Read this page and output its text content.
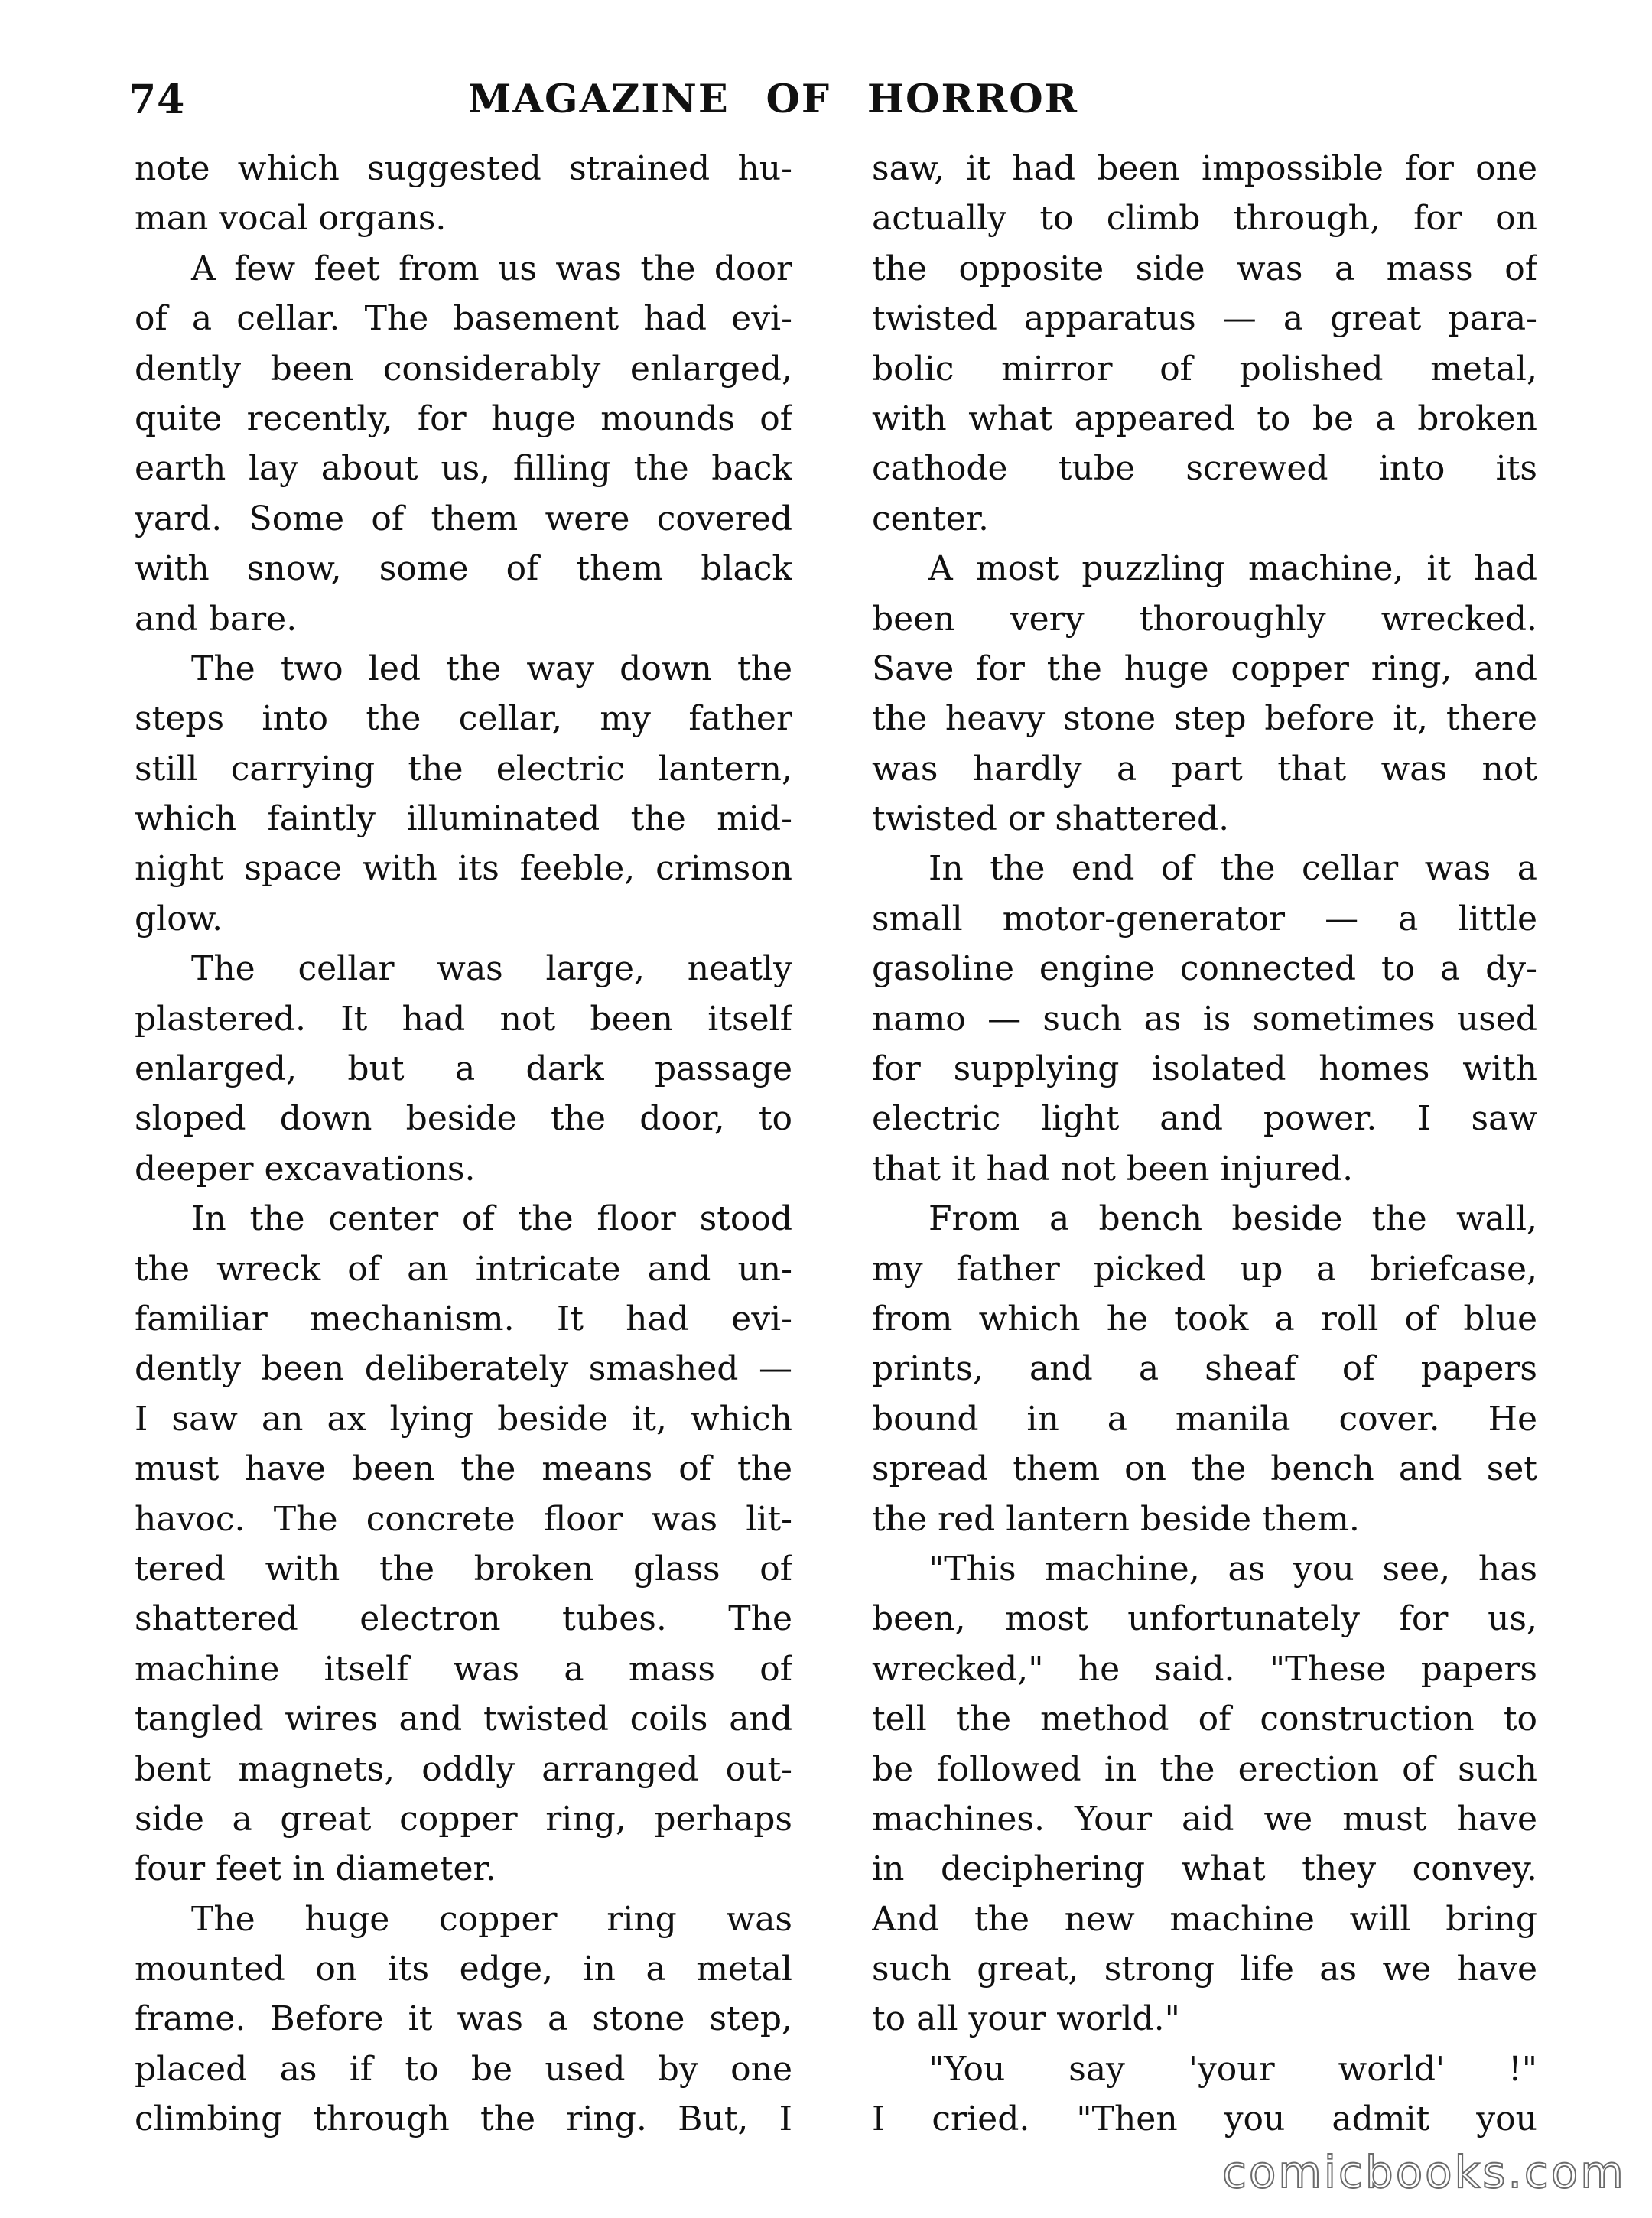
74	MAGAZINE OF HORROR
note which suggested strained hu-
man vocal organs.
A few feet from us was the door
of a cellar. The basement had evi-
dently been considerably enlarged,
quite recently, for huge mounds of
earth lay about us, filling the back
yard. Some of them were covered
with snow, some of them black
and bare.
The two led the way down the
steps into the cellar, my father
still carrying the electric lantern,
which faintly illuminated the mid-
night space with its feeble, crimson
glow.
The cellar was large, neatly
plastered. It had not been itself
enlarged, but a dark passage
sloped down beside the door, to
deeper excavations.
In the center of the floor stood
the wreck of an intricate and un-
familiar mechanism. It had evi-
dently been deliberately smashed —
I saw an ax lying beside it, which
must have been the means of the
havoc. The concrete floor was lit-
tered with the broken glass of
shattered electron tubes. The
machine itself was a mass of
tangled wires and twisted coils and
bent magnets, oddly arranged out-
side a great copper ring, perhaps
four feet in diameter.
The huge copper ring was
mounted on its edge, in a metal
frame. Before it was a stone step,
placed as if to be used by one
climbing through the ring. But, I
saw, it had been impossible for one
actually to climb through, for on
the opposite side was a mass of
twisted apparatus — a great para-
bolic mirror of polished metal,
with what appeared to be a broken
cathode tube screwed into its
center.
A most puzzling machine, it had
been very thoroughly wrecked.
Save for the huge copper ring, and
the heavy stone step before it, there
was hardly a part that was not
twisted or shattered.
In the end of the cellar was a
small motor-generator — a little
gasoline engine connected to a dy-
namo — such as is sometimes used
for supplying isolated homes with
electric light and power. I saw
that it had not been injured.
From a bench beside the wall,
my father picked up a briefcase,
from which he took a roll of blue
prints, and a sheaf of papers
bound in a manila cover. He
spread them on the bench and set
the red lantern beside them.
"This machine, as you see, has
been, most unfortunately for us,
wrecked," he said. "These papers
tell the method of construction to
be followed in the erection of such
machines. Your aid we must have
in deciphering what they convey.
And the new machine will bring
such great, strong life as we have
to all your world."
"You say 'your world' !"
I cried. "Then you admit you
comicbooks.com
